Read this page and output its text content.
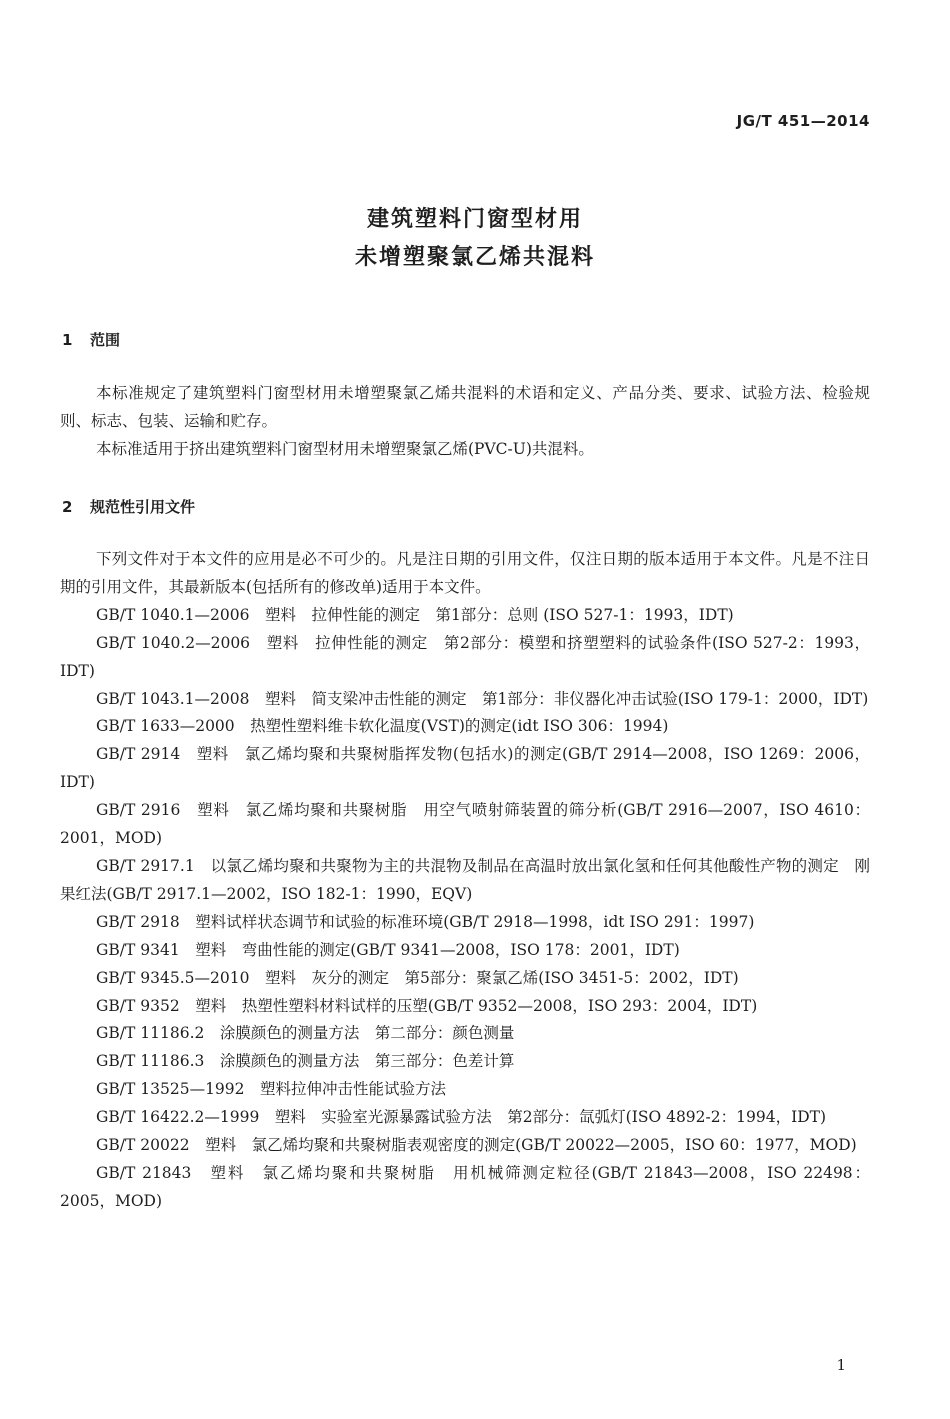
JG/T 451—2014
建筑塑料门窗型材用
未增塑聚氯乙烯共混料
1 范围

本标准规定了建筑塑料门窗型材用未增塑聚氯乙烯共混料的术语和定义、产品分类、要求、试验方法、检验规则、标志、包装、运输和贮存。

本标准适用于挤出建筑塑料门窗型材用未增塑聚氯乙烯(PVC-U)共混料。

2 规范性引用文件

下列文件对于本文件的应用是必不可少的。凡是注日期的引用文件，仅注日期的版本适用于本文件。凡是不注日期的引用文件，其最新版本(包括所有的修改单)适用于本文件。

GB/T 1040.1—2006　塑料　拉伸性能的测定　第1部分：总则 (ISO 527-1：1993，IDT)

GB/T 1040.2—2006　塑料　拉伸性能的测定　第2部分：模塑和挤塑塑料的试验条件(ISO 527-2：1993，IDT)

GB/T 1043.1—2008　塑料　简支梁冲击性能的测定　第1部分：非仪器化冲击试验(ISO 179-1：2000，IDT)

GB/T 1633—2000　热塑性塑料维卡软化温度(VST)的测定(idt ISO 306：1994)

GB/T 2914　塑料　氯乙烯均聚和共聚树脂挥发物(包括水)的测定(GB/T 2914—2008，ISO 1269：2006，IDT)

GB/T 2916　塑料　氯乙烯均聚和共聚树脂　用空气喷射筛装置的筛分析(GB/T 2916—2007，ISO 4610：2001，MOD)

GB/T 2917.1　以氯乙烯均聚和共聚物为主的共混物及制品在高温时放出氯化氢和任何其他酸性产物的测定　刚果红法(GB/T 2917.1—2002，ISO 182-1：1990，EQV)

GB/T 2918　塑料试样状态调节和试验的标准环境(GB/T 2918—1998，idt ISO 291：1997)

GB/T 9341　塑料　弯曲性能的测定(GB/T 9341—2008，ISO 178：2001，IDT)

GB/T 9345.5—2010　塑料　灰分的测定　第5部分：聚氯乙烯(ISO 3451-5：2002，IDT)

GB/T 9352　塑料　热塑性塑料材料试样的压塑(GB/T 9352—2008，ISO 293：2004，IDT)

GB/T 11186.2　涂膜颜色的测量方法　第二部分：颜色测量

GB/T 11186.3　涂膜颜色的测量方法　第三部分：色差计算

GB/T 13525—1992　塑料拉伸冲击性能试验方法

GB/T 16422.2—1999　塑料　实验室光源暴露试验方法　第2部分：氙弧灯(ISO 4892-2：1994，IDT)

GB/T 20022　塑料　氯乙烯均聚和共聚树脂表观密度的测定(GB/T 20022—2005，ISO 60：1977，MOD)

GB/T 21843　塑料　氯乙烯均聚和共聚树脂　用机械筛测定粒径(GB/T 21843—2008，ISO 22498：2005，MOD)

1
